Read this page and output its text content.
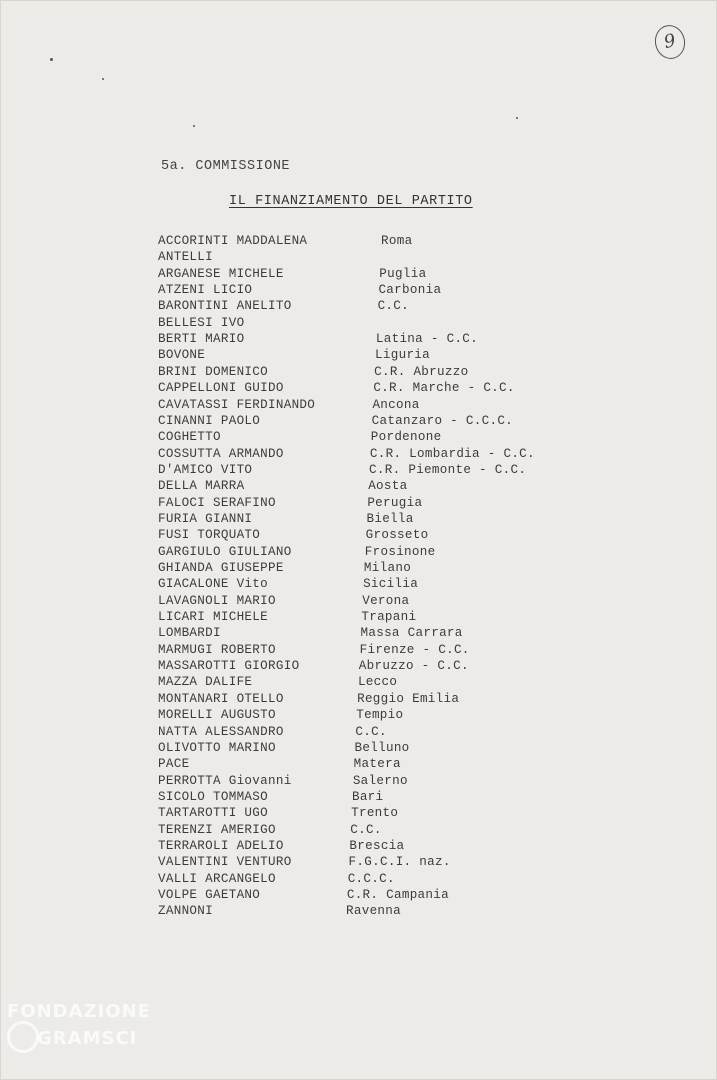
9
5a. COMMISSIONE
IL FINANZIAMENTO DEL PARTITO
ACCORINTI MADDALENA	Roma
ANTELLI
ARGANESE MICHELE	Puglia
ATZENI LICIO	Carbonia
BARONTINI ANELITO	C.C.
BELLESI IVO
BERTI MARIO	Latina - C.C.
BOVONE	Liguria
BRINI DOMENICO	C.R. Abruzzo
CAPPELLONI GUIDO	C.R. Marche - C.C.
CAVATASSI FERDINANDO	Ancona
CINANNI PAOLO	Catanzaro - C.C.C.
COGHETTO	Pordenone
COSSUTTA ARMANDO	C.R. Lombardia - C.C.
D'AMICO VITO	C.R. Piemonte - C.C.
DELLA MARRA	Aosta
FALOCI SERAFINO	Perugia
FURIA GIANNI	Biella
FUSI TORQUATO	Grosseto
GARGIULO GIULIANO	Frosinone
GHIANDA GIUSEPPE	Milano
GIACALONE Vito	Sicilia
LAVAGNOLI MARIO	Verona
LICARI MICHELE	Trapani
LOMBARDI	Massa Carrara
MARMUGI ROBERTO	Firenze - C.C.
MASSAROTTI GIORGIO	Abruzzo - C.C.
MAZZA DALIFE	Lecco
MONTANARI OTELLO	Reggio Emilia
MORELLI AUGUSTO	Tempio
NATTA ALESSANDRO	C.C.
OLIVOTTO MARINO	Belluno
PACE	Matera
PERROTTA Giovanni	Salerno
SICOLO TOMMASO	Bari
TARTAROTTI UGO	Trento
TERENZI AMERIGO	C.C.
TERRAROLI ADELIO	Brescia
VALENTINI VENTURO	F.G.C.I. naz.
VALLI ARCANGELO	C.C.C.
VOLPE GAETANO	C.R. Campania
ZANNONI	Ravenna
FONDAZIONE
GRAMSCI
